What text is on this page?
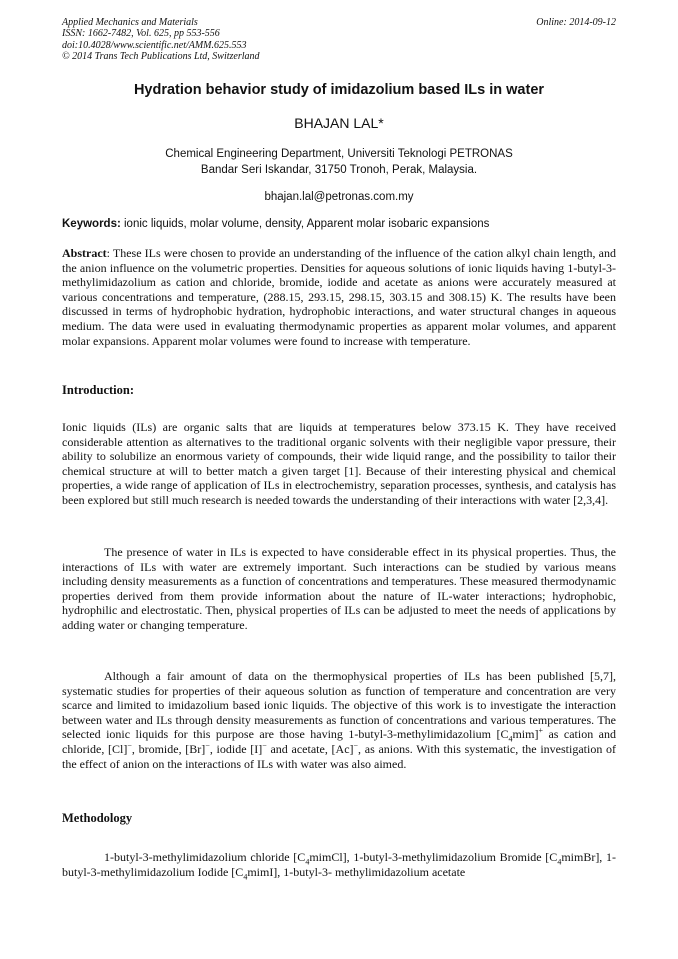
Applied Mechanics and Materials
ISSN: 1662-7482, Vol. 625, pp 553-556
doi:10.4028/www.scientific.net/AMM.625.553
© 2014 Trans Tech Publications Ltd, Switzerland
Online: 2014-09-12
Hydration behavior study of imidazolium based ILs in water
BHAJAN LAL*
Chemical Engineering Department, Universiti Teknologi PETRONAS
Bandar Seri Iskandar, 31750 Tronoh, Perak, Malaysia.
bhajan.lal@petronas.com.my
Keywords: ionic liquids, molar volume, density, Apparent molar isobaric expansions

Abstract: These ILs were chosen to provide an understanding of the influence of the cation alkyl chain length, and the anion influence on the volumetric properties. Densities for aqueous solutions of ionic liquids having 1-butyl-3-methylimidazolium as cation and chloride, bromide, iodide and acetate as anions were accurately measured at various concentrations and temperature, (288.15, 293.15, 298.15, 303.15 and 308.15) K. The results have been discussed in terms of hydrophobic hydration, hydrophobic interactions, and water structural changes in aqueous medium. The data were used in evaluating thermodynamic properties as apparent molar volumes, and apparent molar expansions. Apparent molar volumes were found to increase with temperature.

Introduction:

Ionic liquids (ILs) are organic salts that are liquids at temperatures below 373.15 K. They have received considerable attention as alternatives to the traditional organic solvents with their negligible vapor pressure, their ability to solubilize an enormous variety of compounds, their wide liquid range, and the possibility to tailor their chemical structure at will to better match a given target [1]. Because of their interesting physical and chemical properties, a wide range of application of ILs in electrochemistry, separation processes, synthesis, and catalysis has been explored but still much research is needed towards the understanding of their interactions with water [2,3,4].

The presence of water in ILs is expected to have considerable effect in its physical properties. Thus, the interactions of ILs with water are extremely important. Such interactions can be studied by various means including density measurements as a function of concentrations and temperatures. These measured thermodynamic properties derived from them provide information about the nature of IL-water interactions; hydrophobic, hydrophilic and electrostatic. Then, physical properties of ILs can be adjusted to meet the needs of applications by adding water or changing temperature.

Although a fair amount of data on the thermophysical properties of ILs has been published [5,7], systematic studies for properties of their aqueous solution as function of temperature and concentration are very scarce and limited to imidazolium based ionic liquids. The objective of this work is to investigate the interaction between water and ILs through density measurements as function of concentrations and various temperatures. The selected ionic liquids for this purpose are those having 1-butyl-3-methylimidazolium $[C_4mim]^+$ as cation and chloride, [Cl]−, bromide, [Br]−, iodide [I]− and acetate, [Ac]−, as anions. With this systematic, the investigation of the effect of anion on the interactions of ILs with water was also aimed.

Methodology

1-butyl-3-methylimidazolium chloride $[C_4mimCl]$, 1-butyl-3-methylimidazolium Bromide $[C_4mimBr]$, 1-butyl-3-methylimidazolium Iodide $[C_4mimI]$, 1-butyl-3- methylimidazolium acetate
